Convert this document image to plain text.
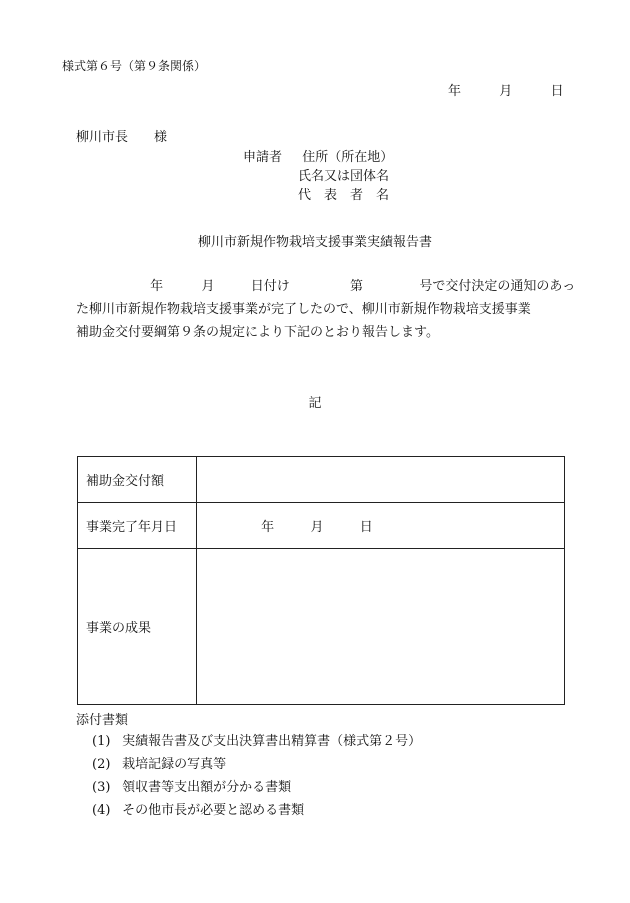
様式第６号（第９条関係）
年	月	日
柳川市長　　様
申請者 住所（所在地）
氏名又は団体名
代　表　者　名
柳川市新規作物栽培支援事業実績報告書
年	月	日付け	第	号で交付決定の通知のあっ
た柳川市新規作物栽培支援事業が完了したので、柳川市新規作物栽培支援事業
補助金交付要綱第９条の規定により下記のとおり報告します。
記
補助金交付額	
事業完了年月日	年 月 日
事業の成果	
添付書類
(1) 実績報告書及び支出決算書出精算書（様式第２号）
(2) 栽培記録の写真等
(3) 領収書等支出額が分かる書類
(4) その他市長が必要と認める書類
